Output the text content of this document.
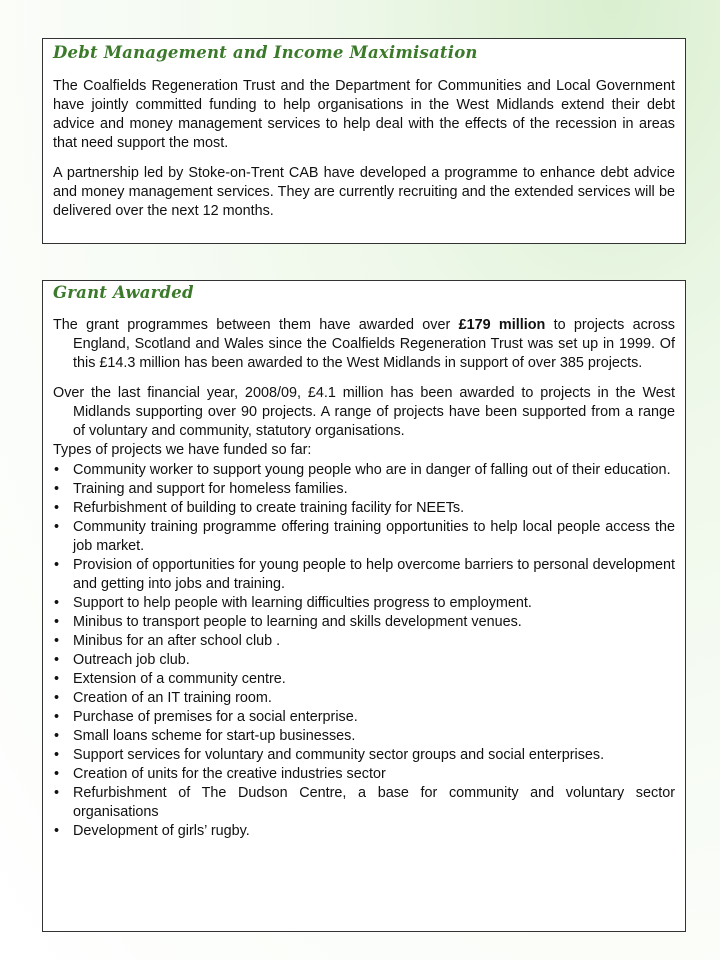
Debt Management and Income Maximisation

The Coalfields Regeneration Trust and the Department for Communities and Local Government have jointly committed funding to help organisations in the West Midlands extend their debt advice and money management services to help deal with the effects of the recession in areas that need support the most.

A partnership led by Stoke-on-Trent CAB have developed a programme to enhance debt advice and money management services. They are currently recruiting and the extended services will be delivered over the next 12 months.

Grant Awarded

The grant programmes between them have awarded over £179 million to projects across England, Scotland and Wales since the Coalfields Regeneration Trust was set up in 1999. Of this £14.3 million has been awarded to the West Midlands in support of over 385 projects.

Over the last financial year, 2008/09, £4.1 million has been awarded to projects in the West Midlands supporting over 90 projects. A range of projects have been supported from a range of voluntary and community, statutory organisations.

Types of projects we have funded so far:

• Community worker to support young people who are in danger of falling out of their education.
• Training and support for homeless families.
• Refurbishment of building to create training facility for NEETs.
• Community training programme offering training opportunities to help local people access the job market.
• Provision of opportunities for young people to help overcome barriers to personal development and getting into jobs and training.
• Support to help people with learning difficulties progress to employment.
• Minibus to transport people to learning and skills development venues.
• Minibus for an after school club .
• Outreach job club.
• Extension of a community centre.
• Creation of an IT training room.
• Purchase of premises for a social enterprise.
• Small loans scheme for start-up businesses.
• Support services for voluntary and community sector groups and social enterprises.
• Creation of units for the creative industries sector
• Refurbishment of The Dudson Centre, a base for community and voluntary sector organisations
• Development of girls’ rugby.
